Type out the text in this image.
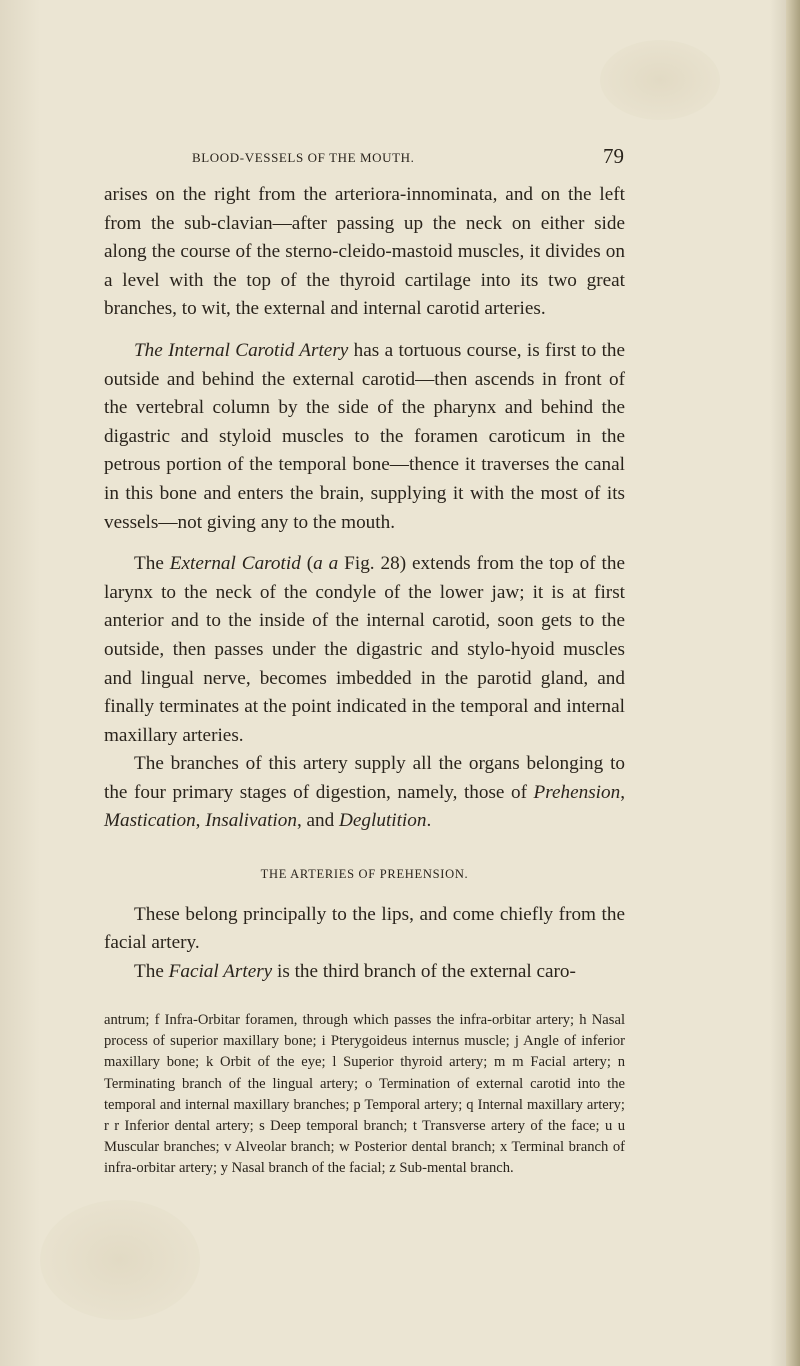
BLOOD-VESSELS OF THE MOUTH.	79

arises on the right from the arteriora-innominata, and on the left from the sub-clavian—after passing up the neck on either side along the course of the sterno-cleido-mastoid muscles, it divides on a level with the top of the thyroid cartilage into its two great branches, to wit, the external and internal carotid arteries.

The Internal Carotid Artery has a tortuous course, is first to the outside and behind the external carotid—then ascends in front of the vertebral column by the side of the pharynx and behind the digastric and styloid muscles to the foramen caroticum in the petrous portion of the temporal bone—thence it traverses the canal in this bone and enters the brain, supplying it with the most of its vessels—not giving any to the mouth.

The External Carotid (a a Fig. 28) extends from the top of the larynx to the neck of the condyle of the lower jaw; it is at first anterior and to the inside of the internal carotid, soon gets to the outside, then passes under the digastric and stylo-hyoid muscles and lingual nerve, becomes imbedded in the parotid gland, and finally terminates at the point indicated in the temporal and internal maxillary arteries.

The branches of this artery supply all the organs belonging to the four primary stages of digestion, namely, those of Prehension, Mastication, Insalivation, and Deglutition.

THE ARTERIES OF PREHENSION.

These belong principally to the lips, and come chiefly from the facial artery.

The Facial Artery is the third branch of the external caro-

antrum; f Infra-Orbitar foramen, through which passes the infra-orbitar artery; h Nasal process of superior maxillary bone; i Pterygoideus internus muscle; j Angle of inferior maxillary bone; k Orbit of the eye; l Superior thyroid artery; m m Facial artery; n Terminating branch of the lingual artery; o Termination of external carotid into the temporal and internal maxillary branches; p Temporal artery; q Internal maxillary artery; r r Inferior dental artery; s Deep temporal branch; t Transverse artery of the face; u u Muscular branches; v Alveolar branch; w Posterior dental branch; x Terminal branch of infra-orbitar artery; y Nasal branch of the facial; z Sub-mental branch.
